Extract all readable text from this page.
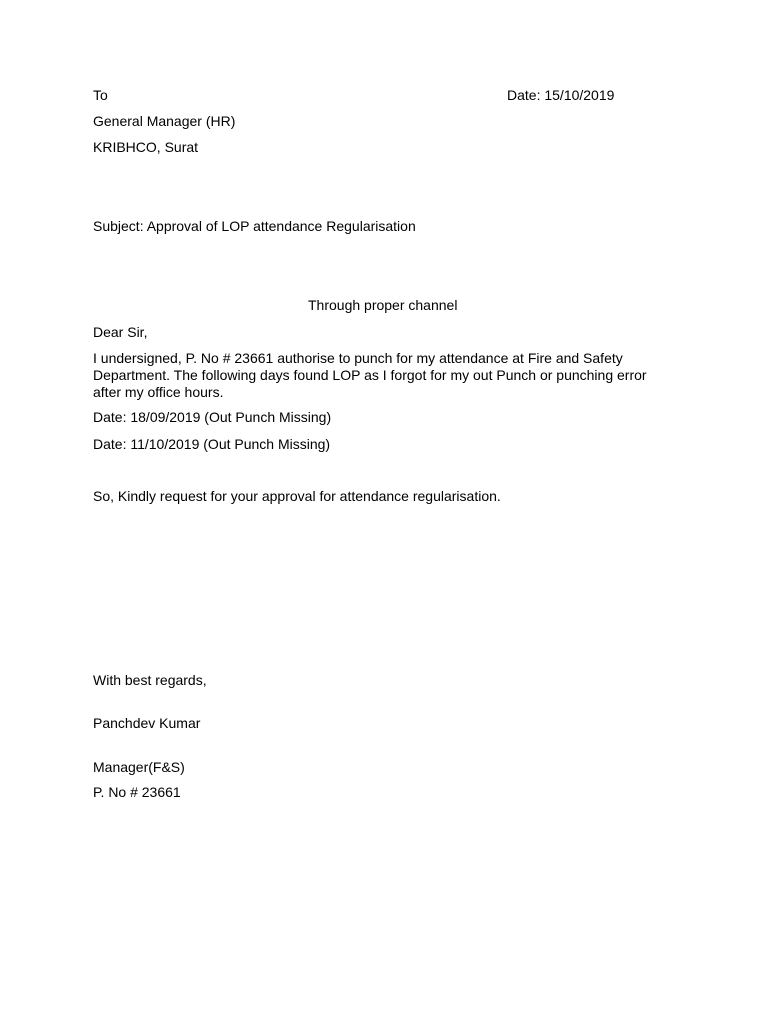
To	Date: 15/10/2019
General Manager (HR)
KRIBHCO, Surat
Subject: Approval of LOP attendance Regularisation
Through proper channel
Dear Sir,
I undersigned, P. No # 23661 authorise to punch for my attendance at Fire and Safety
Department. The following days found LOP as I forgot for my out Punch or punching error
after my office hours.
Date: 18/09/2019 (Out Punch Missing)
Date: 11/10/2019 (Out Punch Missing)
So, Kindly request for your approval for attendance regularisation.
With best regards,
Panchdev Kumar
Manager(F&S)
P. No # 23661
